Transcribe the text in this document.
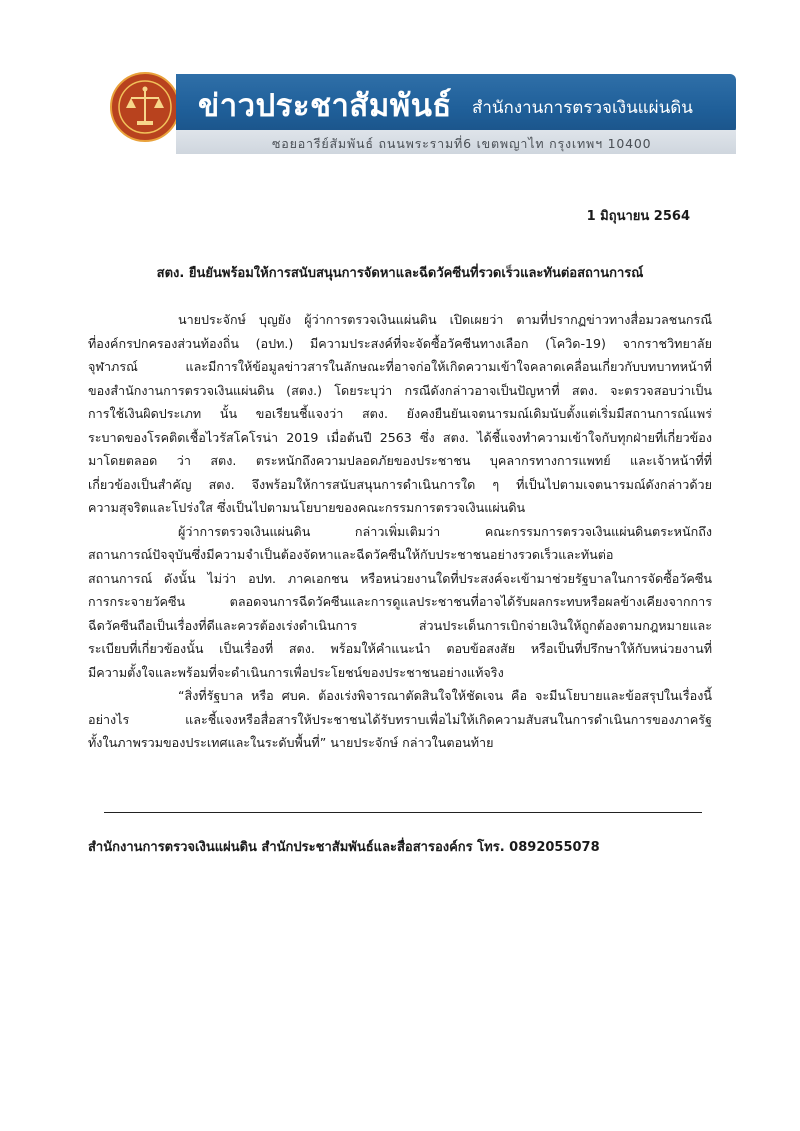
ข่าวประชาสัมพันธ์ สำนักงานการตรวจเงินแผ่นดิน
ซอยอารีย์สัมพันธ์ ถนนพระรามที่6 เขตพญาไท กรุงเทพฯ 10400
1 มิถุนายน 2564
สตง. ยืนยันพร้อมให้การสนับสนุนการจัดหาและฉีดวัคซีนที่รวดเร็วและทันต่อสถานการณ์
นายประจักษ์ บุญยัง ผู้ว่าการตรวจเงินแผ่นดิน เปิดเผยว่า ตามที่ปรากฏข่าวทางสื่อมวลชนกรณี
ที่องค์กรปกครองส่วนท้องถิ่น (อปท.) มีความประสงค์ที่จะจัดซื้อวัคซีนทางเลือก (โควิด-19) จากราชวิทยาลัย
จุฬาภรณ์ และมีการให้ข้อมูลข่าวสารในลักษณะที่อาจก่อให้เกิดความเข้าใจคลาดเคลื่อนเกี่ยวกับบทบาทหน้าที่
ของสำนักงานการตรวจเงินแผ่นดิน (สตง.) โดยระบุว่า กรณีดังกล่าวอาจเป็นปัญหาที่ สตง. จะตรวจสอบว่าเป็น
การใช้เงินผิดประเภท นั้น ขอเรียนชี้แจงว่า สตง. ยังคงยืนยันเจตนารมณ์เดิมนับตั้งแต่เริ่มมีสถานการณ์แพร่
ระบาดของโรคติดเชื้อไวรัสโคโรน่า 2019 เมื่อต้นปี 2563 ซึ่ง สตง. ได้ชี้แจงทำความเข้าใจกับทุกฝ่ายที่เกี่ยวข้อง
มาโดยตลอด ว่า สตง. ตระหนักถึงความปลอดภัยของประชาชน บุคลากรทางการแพทย์ และเจ้าหน้าที่ที่
เกี่ยวข้องเป็นสำคัญ สตง. จึงพร้อมให้การสนับสนุนการดำเนินการใด ๆ ที่เป็นไปตามเจตนารมณ์ดังกล่าวด้วย
ความสุจริตและโปร่งใส ซึ่งเป็นไปตามนโยบายของคณะกรรมการตรวจเงินแผ่นดิน
ผู้ว่าการตรวจเงินแผ่นดิน กล่าวเพิ่มเติมว่า คณะกรรมการตรวจเงินแผ่นดินตระหนักถึง
สถานการณ์ปัจจุบันซึ่งมีความจำเป็นต้องจัดหาและฉีดวัคซีนให้กับประชาชนอย่างรวดเร็วและทันต่อ
สถานการณ์ ดังนั้น ไม่ว่า อปท. ภาคเอกชน หรือหน่วยงานใดที่ประสงค์จะเข้ามาช่วยรัฐบาลในการจัดซื้อวัคซีน
การกระจายวัคซีน ตลอดจนการฉีดวัคซีนและการดูแลประชาชนที่อาจได้รับผลกระทบหรือผลข้างเคียงจากการ
ฉีดวัคซีนถือเป็นเรื่องที่ดีและควรต้องเร่งดำเนินการ ส่วนประเด็นการเบิกจ่ายเงินให้ถูกต้องตามกฎหมายและ
ระเบียบที่เกี่ยวข้องนั้น เป็นเรื่องที่ สตง. พร้อมให้คำแนะนำ ตอบข้อสงสัย หรือเป็นที่ปรึกษาให้กับหน่วยงานที่
มีความตั้งใจและพร้อมที่จะดำเนินการเพื่อประโยชน์ของประชาชนอย่างแท้จริง
“สิ่งที่รัฐบาล หรือ ศบค. ต้องเร่งพิจารณาตัดสินใจให้ชัดเจน คือ จะมีนโยบายและข้อสรุปในเรื่องนี้
อย่างไร และชี้แจงหรือสื่อสารให้ประชาชนได้รับทราบเพื่อไม่ให้เกิดความสับสนในการดำเนินการของภาครัฐ
ทั้งในภาพรวมของประเทศและในระดับพื้นที่” นายประจักษ์ กล่าวในตอนท้าย
สำนักงานการตรวจเงินแผ่นดิน สำนักประชาสัมพันธ์และสื่อสารองค์กร โทร. 0892055078
